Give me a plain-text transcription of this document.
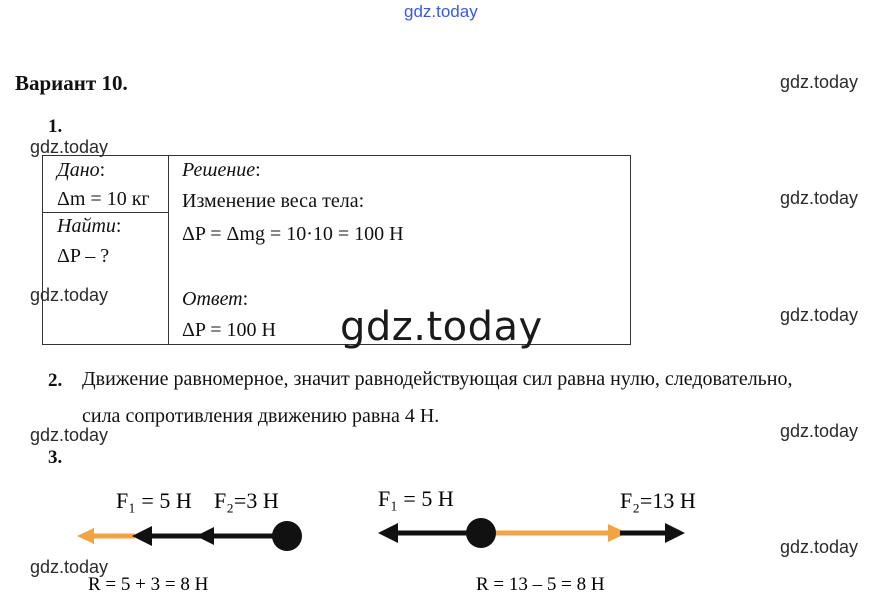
gdz.today
gdz.today
gdz.today
gdz.today
gdz.today
gdz.today
gdz.today
gdz.today
gdz.today
gdz.today
Вариант 10.
1.
Дано:
Δm = 10 кг
Найти:
ΔP – ?
Решение:
Изменение веса тела:
ΔP = Δmg = 10·10 = 100 Н
Ответ:
ΔP = 100 Н gdz.today
2. Движение равномерное, значит равнодействующая сил равна нулю, следовательно,
сила сопротивления движению равна 4 Н.
3.
F₁ = 5 Н F₂=3 Н
R = 5 + 3 = 8 Н
F₁ = 5 Н	F₂=13 Н
R = 13 – 5 = 8 Н
